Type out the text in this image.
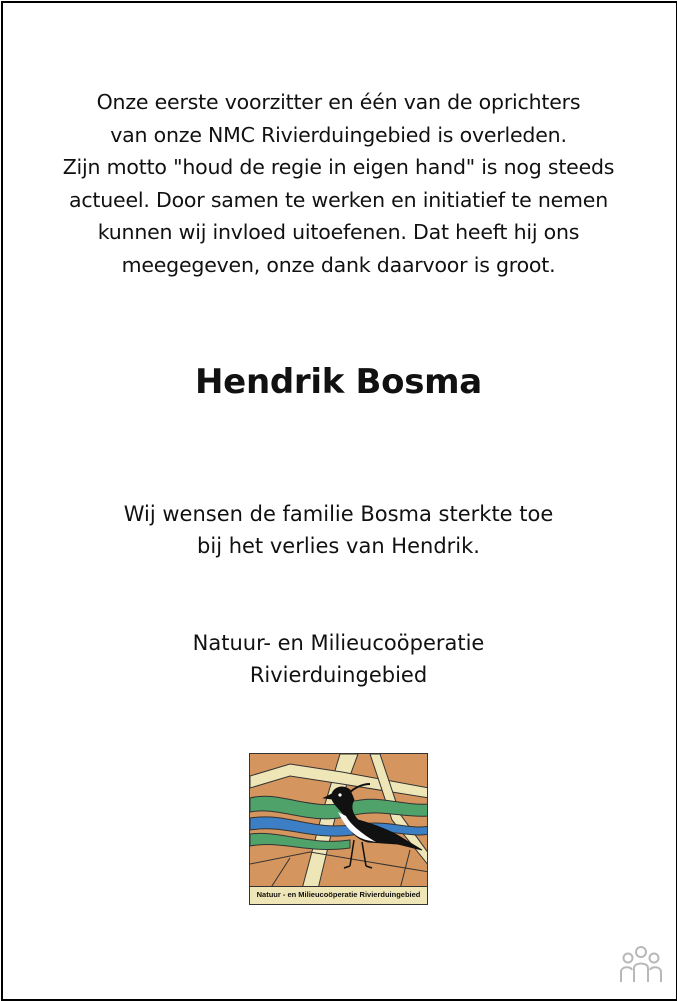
Onze eerste voorzitter en één van de oprichters
van onze NMC Rivierduingebied is overleden.
Zijn motto "houd de regie in eigen hand" is nog steeds
actueel. Door samen te werken en initiatief te nemen
kunnen wij invloed uitoefenen. Dat heeft hij ons
meegegeven, onze dank daarvoor is groot.
Hendrik Bosma
Wij wensen de familie Bosma sterkte toe
bij het verlies van Hendrik.
Natuur- en Milieucoöperatie
Rivierduingebied
Natuur - en Milieucoöperatie Rivierduingebied
